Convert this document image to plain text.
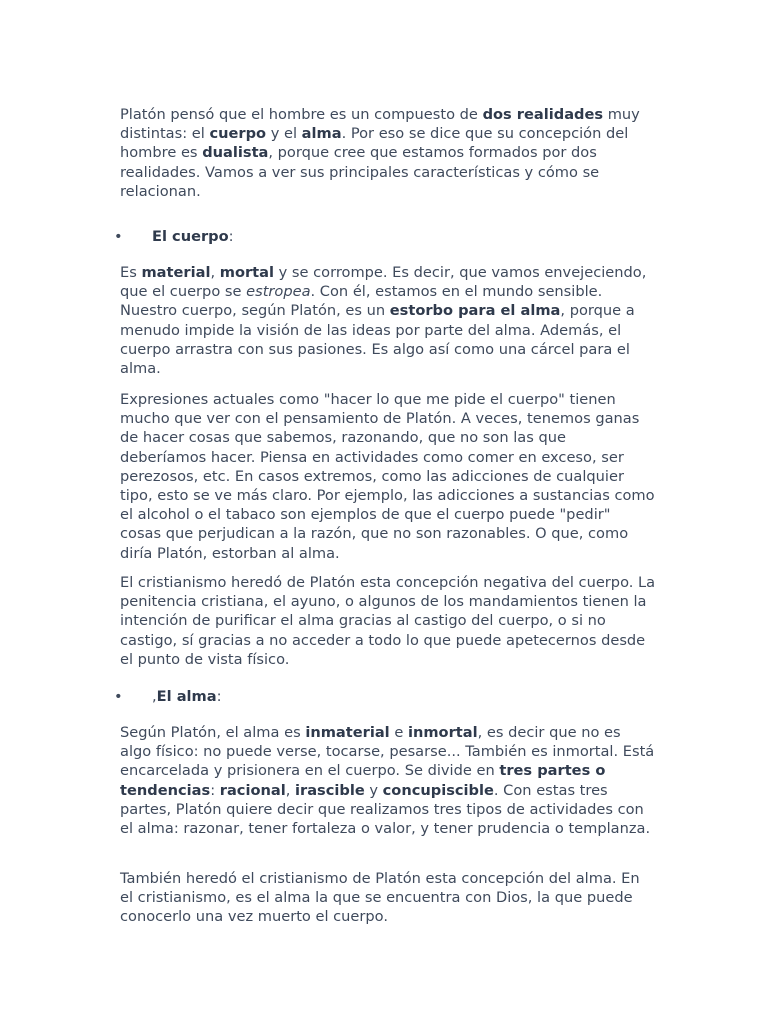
Platón pensó que el hombre es un compuesto de dos realidades muy distintas: el cuerpo y el alma. Por eso se dice que su concepción del hombre es dualista, porque cree que estamos formados por dos realidades. Vamos a ver sus principales características y cómo se relacionan.

• El cuerpo:

Es material, mortal y se corrompe. Es decir, que vamos envejeciendo, que el cuerpo se estropea. Con él, estamos en el mundo sensible. Nuestro cuerpo, según Platón, es un estorbo para el alma, porque a menudo impide la visión de las ideas por parte del alma. Además, el cuerpo arrastra con sus pasiones. Es algo así como una cárcel para el alma.

Expresiones actuales como "hacer lo que me pide el cuerpo" tienen mucho que ver con el pensamiento de Platón. A veces, tenemos ganas de hacer cosas que sabemos, razonando, que no son las que deberíamos hacer. Piensa en actividades como comer en exceso, ser perezosos, etc. En casos extremos, como las adicciones de cualquier tipo, esto se ve más claro. Por ejemplo, las adicciones a sustancias como el alcohol o el tabaco son ejemplos de que el cuerpo puede "pedir" cosas que perjudican a la razón, que no son razonables. O que, como diría Platón, estorban al alma.

El cristianismo heredó de Platón esta concepción negativa del cuerpo. La penitencia cristiana, el ayuno, o algunos de los mandamientos tienen la intención de purificar el alma gracias al castigo del cuerpo, o si no castigo, sí gracias a no acceder a todo lo que puede apetecernos desde el punto de vista físico.

• ,El alma:

Según Platón, el alma es inmaterial e inmortal, es decir que no es algo físico: no puede verse, tocarse, pesarse... También es inmortal. Está encarcelada y prisionera en el cuerpo. Se divide en tres partes o tendencias: racional, irascible y concupiscible. Con estas tres partes, Platón quiere decir que realizamos tres tipos de actividades con el alma: razonar, tener fortaleza o valor, y tener prudencia o templanza.

También heredó el cristianismo de Platón esta concepción del alma. En el cristianismo, es el alma la que se encuentra con Dios, la que puede conocerlo una vez muerto el cuerpo.
